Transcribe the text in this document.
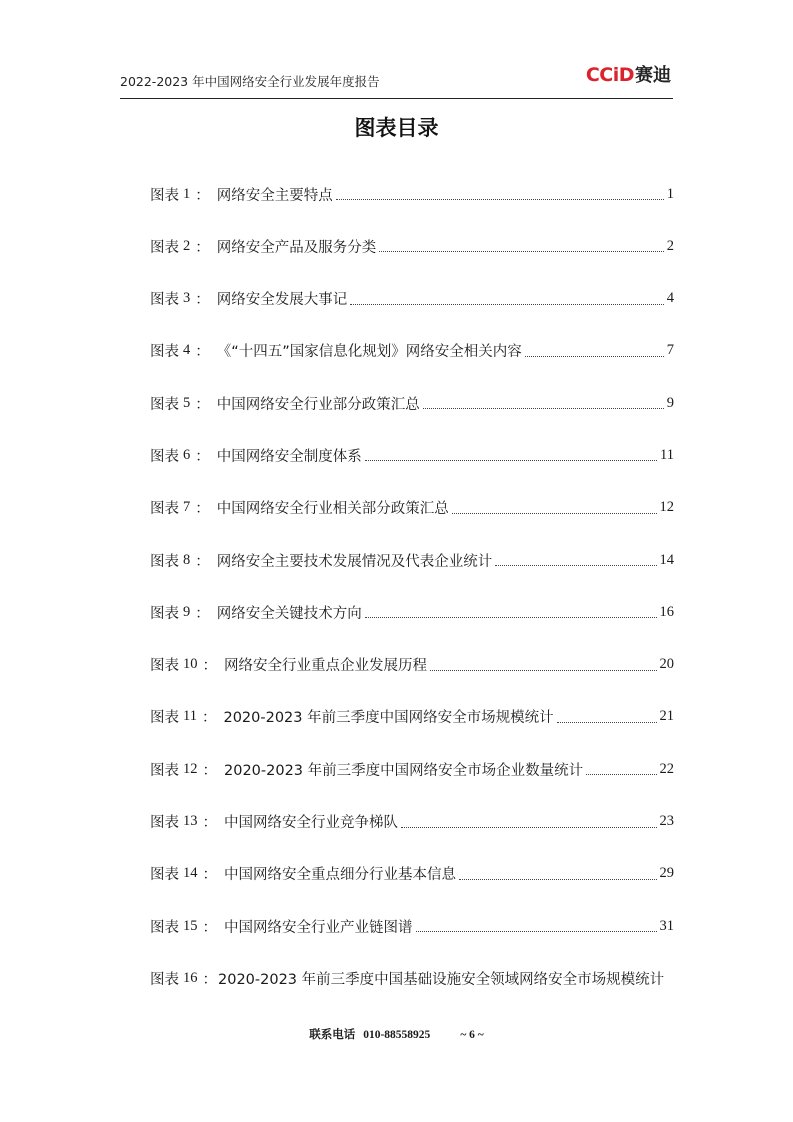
2022-2023 年中国网络安全行业发展年度报告	CCiD赛迪
图表目录
图表 1 ： 网络安全主要特点	1
图表 2 ： 网络安全产品及服务分类	2
图表 3 ： 网络安全发展大事记	4
图表 4 ： 《“十四五”国家信息化规划》网络安全相关内容	7
图表 5 ： 中国网络安全行业部分政策汇总	9
图表 6 ： 中国网络安全制度体系	11
图表 7 ： 中国网络安全行业相关部分政策汇总	12
图表 8 ： 网络安全主要技术发展情况及代表企业统计	14
图表 9 ： 网络安全关键技术方向	16
图表 10 ： 网络安全行业重点企业发展历程	20
图表 11 ： 2020-2023 年前三季度中国网络安全市场规模统计	21
图表 12 ： 2020-2023 年前三季度中国网络安全市场企业数量统计	22
图表 13 ： 中国网络安全行业竞争梯队	23
图表 14 ： 中国网络安全重点细分行业基本信息	29
图表 15 ： 中国网络安全行业产业链图谱	31
图表 16 ： 2020-2023 年前三季度中国基础设施安全领域网络安全市场规模统计
联系电话 010-88558925	~ 6 ~
